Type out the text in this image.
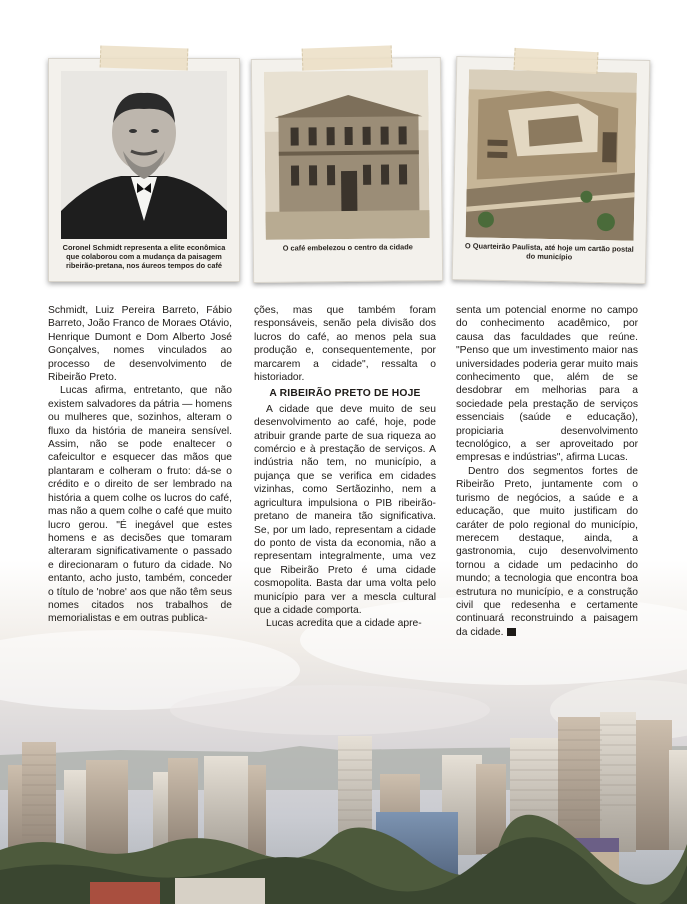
Coronel Schmidt representa a elite econômica que colaborou com a mudança da paisagem ribeirão-pretana, nos áureos tempos do café
O café embelezou o centro da cidade	O Quarteirão Paulista, até hoje um cartão postal do município

Schmidt, Luiz Pereira Barreto, Fábio Barreto, João Franco de Moraes Otávio, Henrique Dumont e Dom Alberto José Gonçalves, nomes vinculados ao processo de desenvolvimento de Ribeirão Preto.

Lucas afirma, entretanto, que não existem salvadores da pátria — homens ou mulheres que, sozinhos, alteram o fluxo da história de maneira sensível. Assim, não se pode enaltecer o cafeicultor e esquecer das mãos que plantaram e colheram o fruto: dá-se o crédito e o direito de ser lembrado na história a quem colhe os lucros do café, mas não a quem colhe o café que muito lucro gerou. "É inegável que estes homens e as decisões que tomaram alteraram significativamente o passado e direcionaram o futuro da cidade. No entanto, acho justo, também, conceder o título de 'nobre' aos que não têm seus nomes citados nos trabalhos de memorialistas e em outras publica-

ções, mas que também foram responsáveis, senão pela divisão dos lucros do café, ao menos pela sua produção e, consequentemente, por marcarem a cidade", ressalta o historiador.

A RIBEIRÃO PRETO DE HOJE

A cidade que deve muito de seu desenvolvimento ao café, hoje, pode atribuir grande parte de sua riqueza ao comércio e à prestação de serviços. A indústria não tem, no município, a pujança que se verifica em cidades vizinhas, como Sertãozinho, nem a agricultura impulsiona o PIB ribeirão-pretano de maneira tão significativa. Se, por um lado, representam a cidade do ponto de vista da economia, não a representam integralmente, uma vez que Ribeirão Preto é uma cidade cosmopolita. Basta dar uma volta pelo município para ver a mescla cultural que a cidade comporta.

Lucas acredita que a cidade apre-

senta um potencial enorme no campo do conhecimento acadêmico, por causa das faculdades que reúne. "Penso que um investimento maior nas universidades poderia gerar muito mais conhecimento que, além de se desdobrar em melhorias para a sociedade pela prestação de serviços essenciais (saúde e educação), propiciaria desenvolvimento tecnológico, a ser aproveitado por empresas e indústrias", afirma Lucas.

Dentro dos segmentos fortes de Ribeirão Preto, juntamente com o turismo de negócios, a saúde e a educação, que muito justificam do caráter de polo regional do município, merecem destaque, ainda, a gastronomia, cujo desenvolvimento tornou a cidade um pedacinho do mundo; a tecnologia que encontra boa estrutura no município, e a construção civil que redesenha e certamente continuará reconstruindo a paisagem da cidade.
